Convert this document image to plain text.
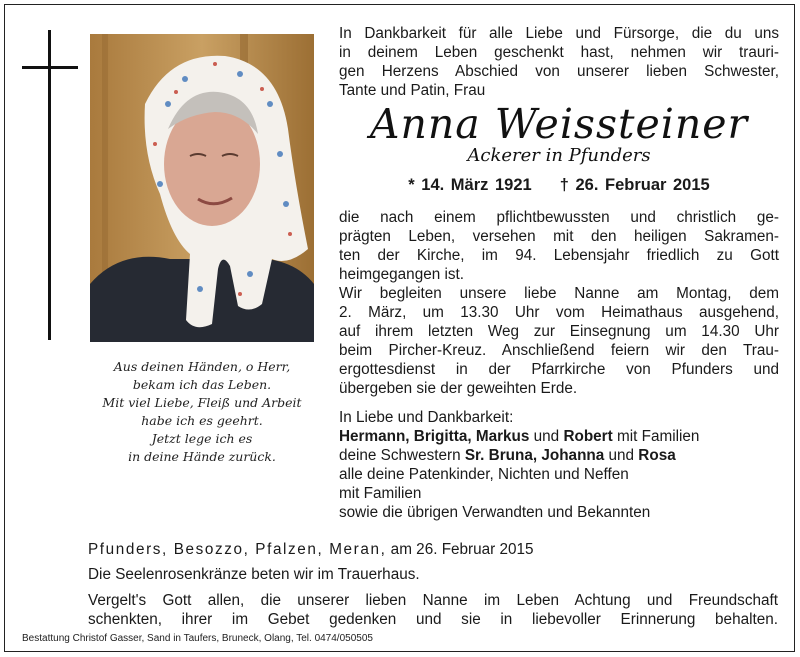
Aus deinen Händen, o Herr,
bekam ich das Leben.
Mit viel Liebe, Fleiß und Arbeit
habe ich es geehrt.
Jetzt lege ich es
in deine Hände zurück.
In Dankbarkeit für alle Liebe und Fürsorge, die du uns
in deinem Leben geschenkt hast, nehmen wir trauri-
gen Herzens Abschied von unserer lieben Schwester,
Tante und Patin, Frau
Anna Weissteiner
Ackerer in Pfunders
* 14. März 1921 † 26. Februar 2015
die nach einem pflichtbewussten und christlich ge-
prägten Leben, versehen mit den heiligen Sakramen-
ten der Kirche, im 94. Lebensjahr friedlich zu Gott
heimgegangen ist.
Wir begleiten unsere liebe Nanne am Montag, dem
2. März, um 13.30 Uhr vom Heimathaus ausgehend,
auf ihrem letzten Weg zur Einsegnung um 14.30 Uhr
beim Pircher-Kreuz. Anschließend feiern wir den Trau-
ergottesdienst in der Pfarrkirche von Pfunders und
übergeben sie der geweihten Erde.
In Liebe und Dankbarkeit:
Hermann, Brigitta, Markus und Robert mit Familien
deine Schwestern Sr. Bruna, Johanna und Rosa
alle deine Patenkinder, Nichten und Neffen
mit Familien
sowie die übrigen Verwandten und Bekannten
Pfunders, Besozzo, Pfalzen, Meran, am 26. Februar 2015
Die Seelenrosenkränze beten wir im Trauerhaus.
Vergelt's Gott allen, die unserer lieben Nanne im Leben Achtung und Freundschaft
schenkten, ihrer im Gebet gedenken und sie in liebevoller Erinnerung behalten.
Bestattung Christof Gasser, Sand in Taufers, Bruneck, Olang, Tel. 0474/050505
